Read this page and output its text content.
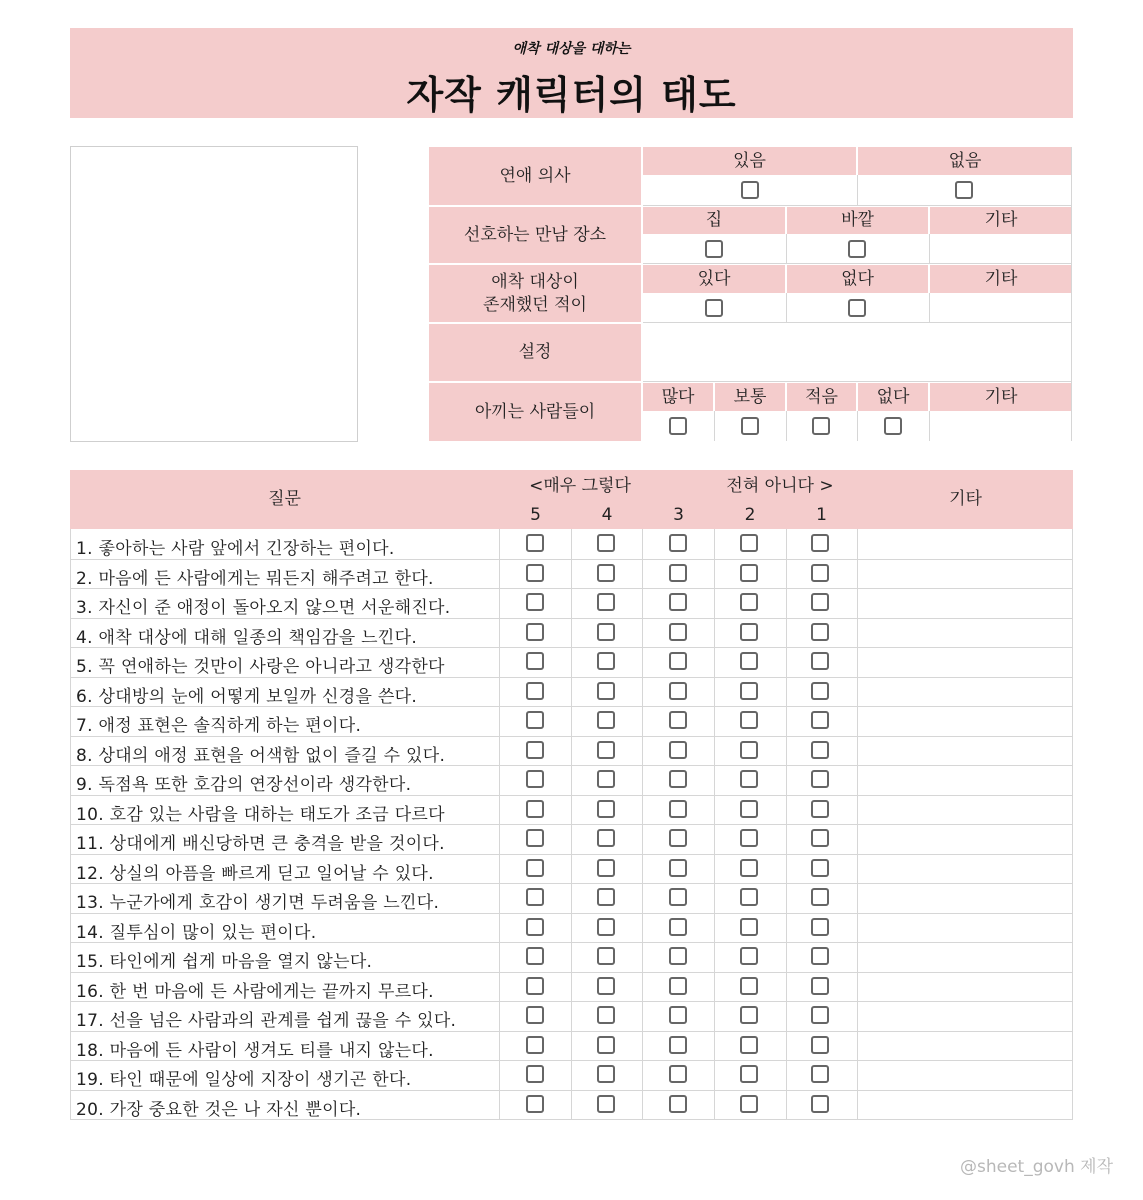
애착 대상을 대하는
자작 캐릭터의 태도
연애 의사
있음	없음
선호하는 만남 장소
집	바깥	기타
애착 대상이
존재했던 적이
있다	없다	기타
설정
아끼는 사람들이
많다	보통	적음	없다	기타
질문
<매우 그렇다	전혀 아니다 >
5	4	3	2	1
기타
1. 좋아하는 사람 앞에서 긴장하는 편이다.
2. 마음에 든 사람에게는 뭐든지 해주려고 한다.
3. 자신이 준 애정이 돌아오지 않으면 서운해진다.
4. 애착 대상에 대해 일종의 책임감을 느낀다.
5. 꼭 연애하는 것만이 사랑은 아니라고 생각한다
6. 상대방의 눈에 어떻게 보일까 신경을 쓴다.
7. 애정 표현은 솔직하게 하는 편이다.
8. 상대의 애정 표현을 어색함 없이 즐길 수 있다.
9. 독점욕 또한 호감의 연장선이라 생각한다.
10. 호감 있는 사람을 대하는 태도가 조금 다르다
11. 상대에게 배신당하면 큰 충격을 받을 것이다.
12. 상실의 아픔을 빠르게 딛고 일어날 수 있다.
13. 누군가에게 호감이 생기면 두려움을 느낀다.
14. 질투심이 많이 있는 편이다.
15. 타인에게 쉽게 마음을 열지 않는다.
16. 한 번 마음에 든 사람에게는 끝까지 무르다.
17. 선을 넘은 사람과의 관계를 쉽게 끊을 수 있다.
18. 마음에 든 사람이 생겨도 티를 내지 않는다.
19. 타인 때문에 일상에 지장이 생기곤 한다.
20. 가장 중요한 것은 나 자신 뿐이다.
@sheet_govh 제작
